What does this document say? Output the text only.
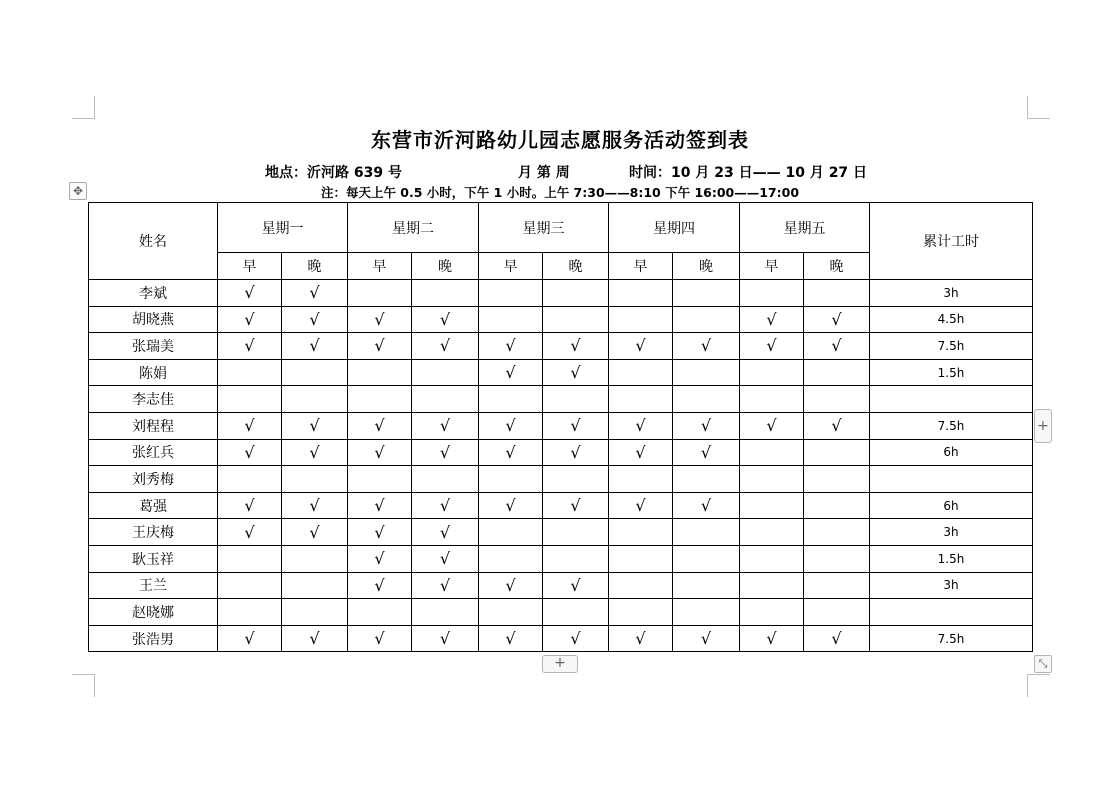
东营市沂河路幼儿园志愿服务活动签到表
地点：沂河路 639 号	月 第 周	时间：10 月 23 日—— 10 月 27 日
注：每天上午 0.5 小时，下午 1 小时。上午 7:30——8:10 下午 16:00——17:00
✥
姓名	星期一		星期二		星期三		星期四		星期五		累计工时
	早	晚	早	晚	早	晚	早	晚	早	晚	
李斌	√	√									3h
胡晓燕	√	√	√	√					√	√	4.5h
张瑞美	√	√	√	√	√	√	√	√	√	√	7.5h
陈娟					√	√					1.5h
李志佳											
刘程程	√	√	√	√	√	√	√	√	√	√	7.5h
张红兵	√	√	√	√	√	√	√	√			6h
刘秀梅											
葛强	√	√	√	√	√	√	√	√			6h
王庆梅	√	√	√	√							3h
耿玉祥			√	√							1.5h
王兰			√	√	√	√					3h
赵晓娜											
张浩男	√	√	√	√	√	√	√	√	√	√	7.5h
+
+	⤡
